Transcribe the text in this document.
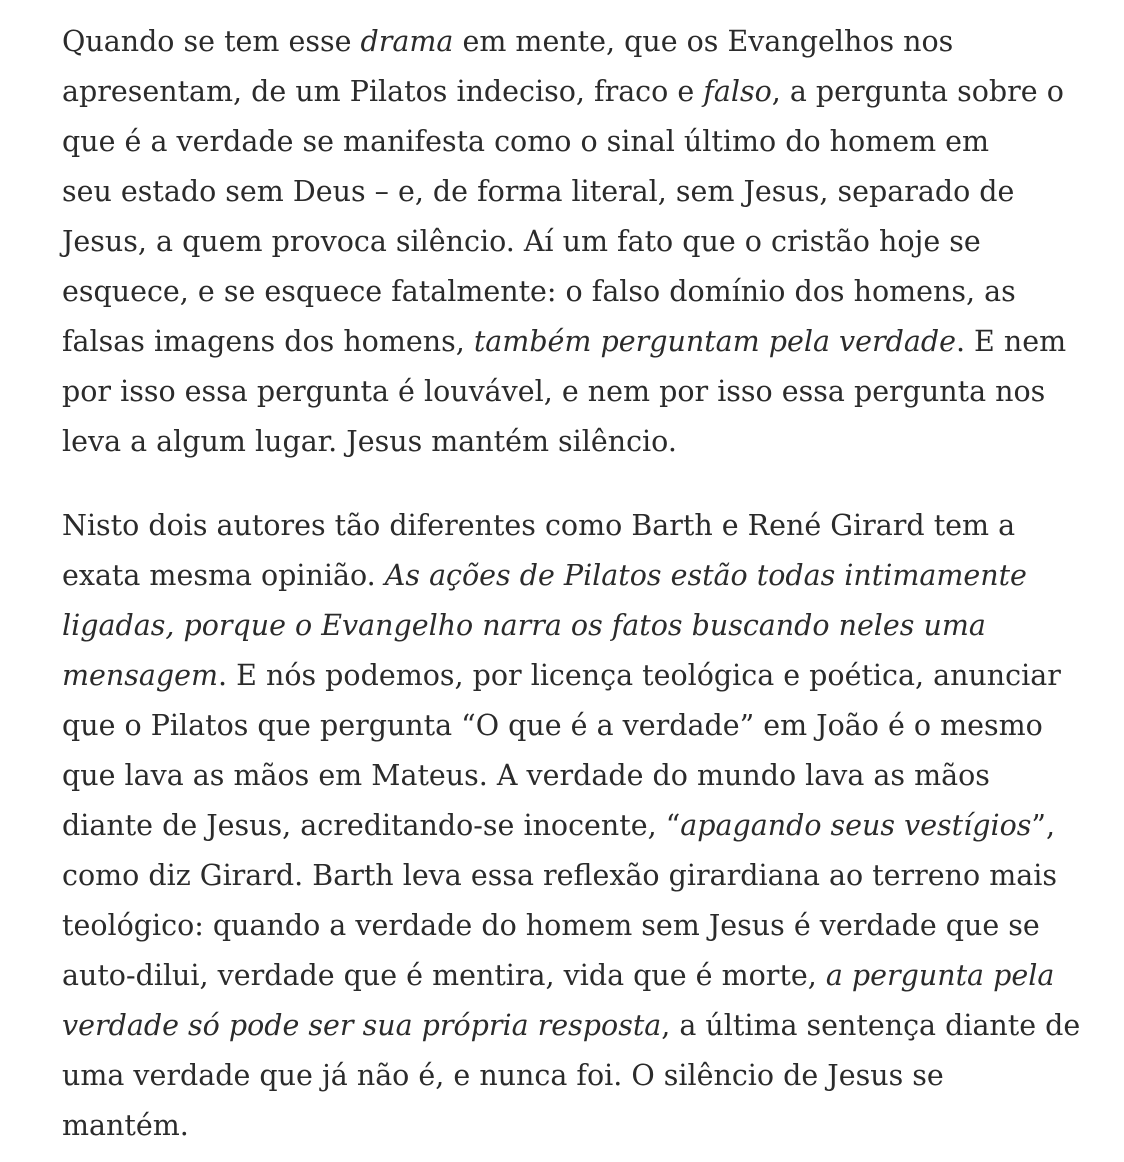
Quando se tem esse drama em mente, que os Evangelhos nos
apresentam, de um Pilatos indeciso, fraco e falso, a pergunta sobre o
que é a verdade se manifesta como o sinal último do homem em
seu estado sem Deus – e, de forma literal, sem Jesus, separado de
Jesus, a quem provoca silêncio. Aí um fato que o cristão hoje se
esquece, e se esquece fatalmente: o falso domínio dos homens, as
falsas imagens dos homens, também perguntam pela verdade. E nem
por isso essa pergunta é louvável, e nem por isso essa pergunta nos
leva a algum lugar. Jesus mantém silêncio.

Nisto dois autores tão diferentes como Barth e René Girard tem a
exata mesma opinião. As ações de Pilatos estão todas intimamente
ligadas, porque o Evangelho narra os fatos buscando neles uma
mensagem. E nós podemos, por licença teológica e poética, anunciar
que o Pilatos que pergunta “O que é a verdade” em João é o mesmo
que lava as mãos em Mateus. A verdade do mundo lava as mãos
diante de Jesus, acreditando-se inocente, “apagando seus vestígios”,
como diz Girard. Barth leva essa reflexão girardiana ao terreno mais
teológico: quando a verdade do homem sem Jesus é verdade que se
auto-dilui, verdade que é mentira, vida que é morte, a pergunta pela
verdade só pode ser sua própria resposta, a última sentença diante de
uma verdade que já não é, e nunca foi. O silêncio de Jesus se
mantém.
